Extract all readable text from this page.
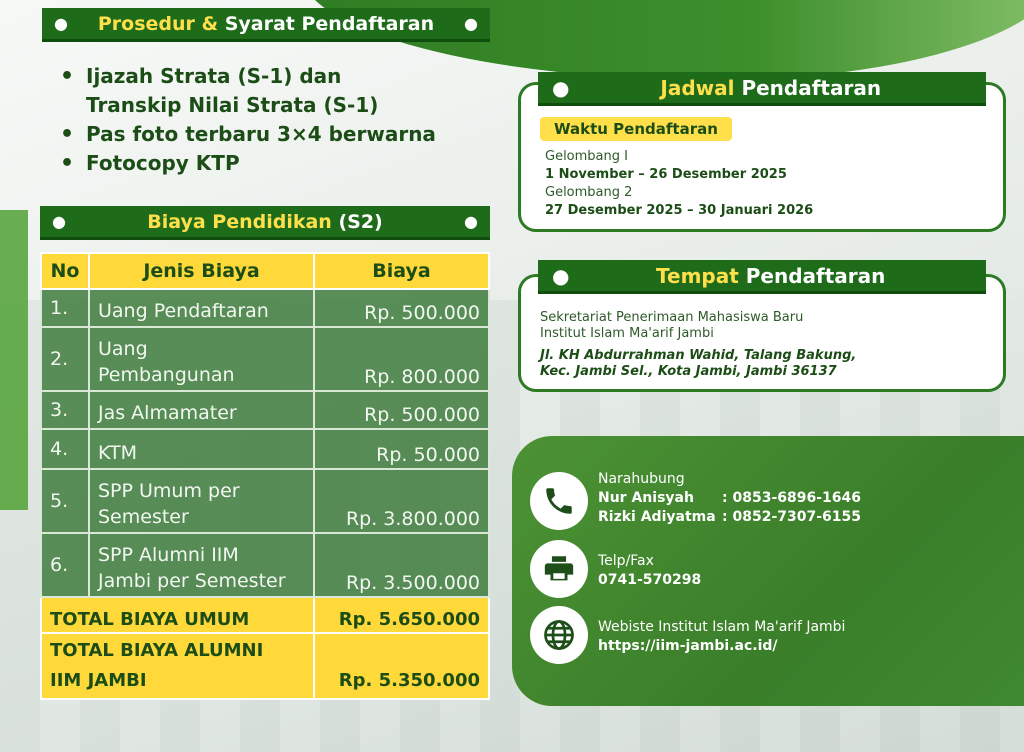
●	Prosedur & Syarat Pendaftaran	●
• Ijazah Strata (S-1) dan
Transkip Nilai Strata (S-1)
• Pas foto terbaru 3×4 berwarna
• Fotocopy KTP
●	Biaya Pendidikan (S2)	●
No	Jenis Biaya	Biaya
1.	Uang Pendaftaran	Rp. 500.000
2.	Uang
Pembangunan	Rp. 800.000
3.	Jas Almamater	Rp. 500.000
4.	KTM	Rp. 50.000
5.	SPP Umum per
Semester	Rp. 3.800.000
6.	SPP Alumni IIM
Jambi per Semester	Rp. 3.500.000
TOTAL BIAYA UMUM		Rp. 5.650.000
TOTAL BIAYA ALUMNI
IIM JAMBI		Rp. 5.350.000
●	Jadwal Pendaftaran
Waktu Pendaftaran
Gelombang I
1 November – 26 Desember 2025
Gelombang 2
27 Desember 2025 – 30 Januari 2026
●	Tempat Pendaftaran
Sekretariat Penerimaan Mahasiswa Baru
Institut Islam Ma'arif Jambi
Jl. KH Abdurrahman Wahid, Talang Bakung,
Kec. Jambi Sel., Kota Jambi, Jambi 36137
Narahubung
Nur Anisyah	: 0853-6896-1646
Rizki Adiyatma : 0852-7307-6155
Telp/Fax
0741-570298
Webiste Institut Islam Ma'arif Jambi
https://iim-jambi.ac.id/
